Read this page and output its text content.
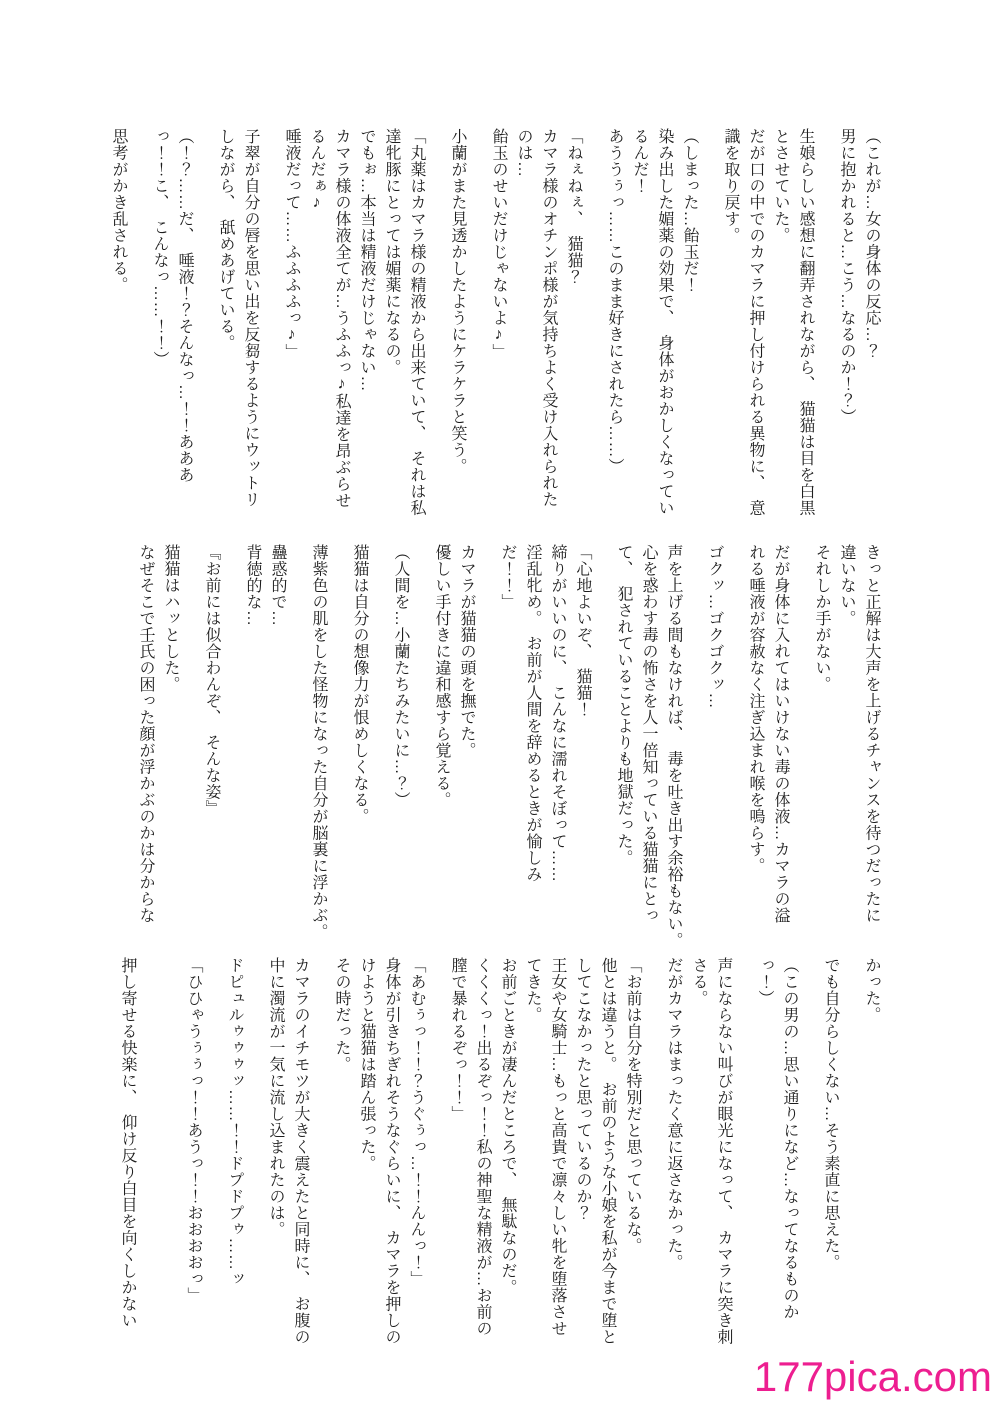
（これが…女の身体の反応…？
男に抱かれると…こう…なるのか！？）
生娘らしい感想に翻弄されながら、　猫猫は目を白黒
とさせていた。
だが口の中でのカマラに押し付けられる異物に、　意
識を取り戻す。
（しまった…飴玉だ！
染み出した媚薬の効果で、　身体がおかしくなってい
るんだ！
あううぅっ……このまま好きにされたら……）
「ねぇねぇ、　猫猫？
カマラ様のオチンポ様が気持ちよく受け入れられた
のは…
飴玉のせいだけじゃないよ♪」
小蘭がまた見透かしたようにケラケラと笑う。
「丸薬はカマラ様の精液から出来ていて、　それは私
達牝豚にとっては媚薬になるの。
でもぉ…本当は精液だけじゃない…
カマラ様の体液全てが…うふふっ♪私達を昂ぶらせ
るんだぁ♪
唾液だって……ふふふふっ♪」
子翠が自分の唇を思い出を反芻するようにウットリ
しながら、　舐めあげている。
（！？……だ、　唾液！？そんなっ…！！あああ
っ！！こ、　こんなっ……！！）
思考がかき乱される。
きっと正解は大声を上げるチャンスを待つだったに
違いない。
それしか手がない。
だが身体に入れてはいけない毒の体液…カマラの溢
れる唾液が容赦なく注ぎ込まれ喉を鳴らす。
ゴクッ…ゴクゴクッ…
声を上げる間もなければ、　毒を吐き出す余裕もない。
心を惑わす毒の怖さを人一倍知っている猫猫にとっ
て、　犯されていることよりも地獄だった。
「心地よいぞ、　猫猫！
締りがいいのに、　こんなに濡れそぼって……
淫乱牝め。　お前が人間を辞めるときが愉しみ
だ！！」
カマラが猫猫の頭を撫でた。
優しい手付きに違和感すら覚える。
（人間を…小蘭たちみたいに…？）
猫猫は自分の想像力が恨めしくなる。
薄紫色の肌をした怪物になった自分が脳裏に浮かぶ。
蠱惑的で…
背徳的な…
『お前には似合わんぞ、　そんな姿』
猫猫はハッとした。
なぜそこで壬氏の困った顔が浮かぶのかは分からな
かった。
でも自分らしくない…そう素直に思えた。
（この男の…思い通りになど…なってなるものか
っ！）
声にならない叫びが眼光になって、　カマラに突き刺
さる。
だがカマラはまったく意に返さなかった。
「お前は自分を特別だと思っているな。
他とは違うと。　お前のような小娘を私が今まで堕と
してこなかったと思っているのか？
王女や女騎士…もっと高貴で凛々しい牝を堕落させ
てきた。
お前ごときが凄んだところで、　無駄なのだ。
くくくっ！出るぞっ！！私の神聖な精液が…お前の
膣で暴れるぞっ！！」
「あむぅっ！！？うぐぅっ…！！んんっ！」
身体が引きちぎれそうなぐらいに、　カマラを押しの
けようと猫猫は踏ん張った。
その時だった。
カマラのイチモツが大きく震えたと同時に、　お腹の
中に濁流が一気に流し込まれたのは。
ドピュルゥゥゥッ……！！ドプドプゥ……ッ
「ひひゃうぅぅっ！！あうっ！！おおおおっ」

押し寄せる快楽に、　仰け反り白目を向くしかない
177pica.com
